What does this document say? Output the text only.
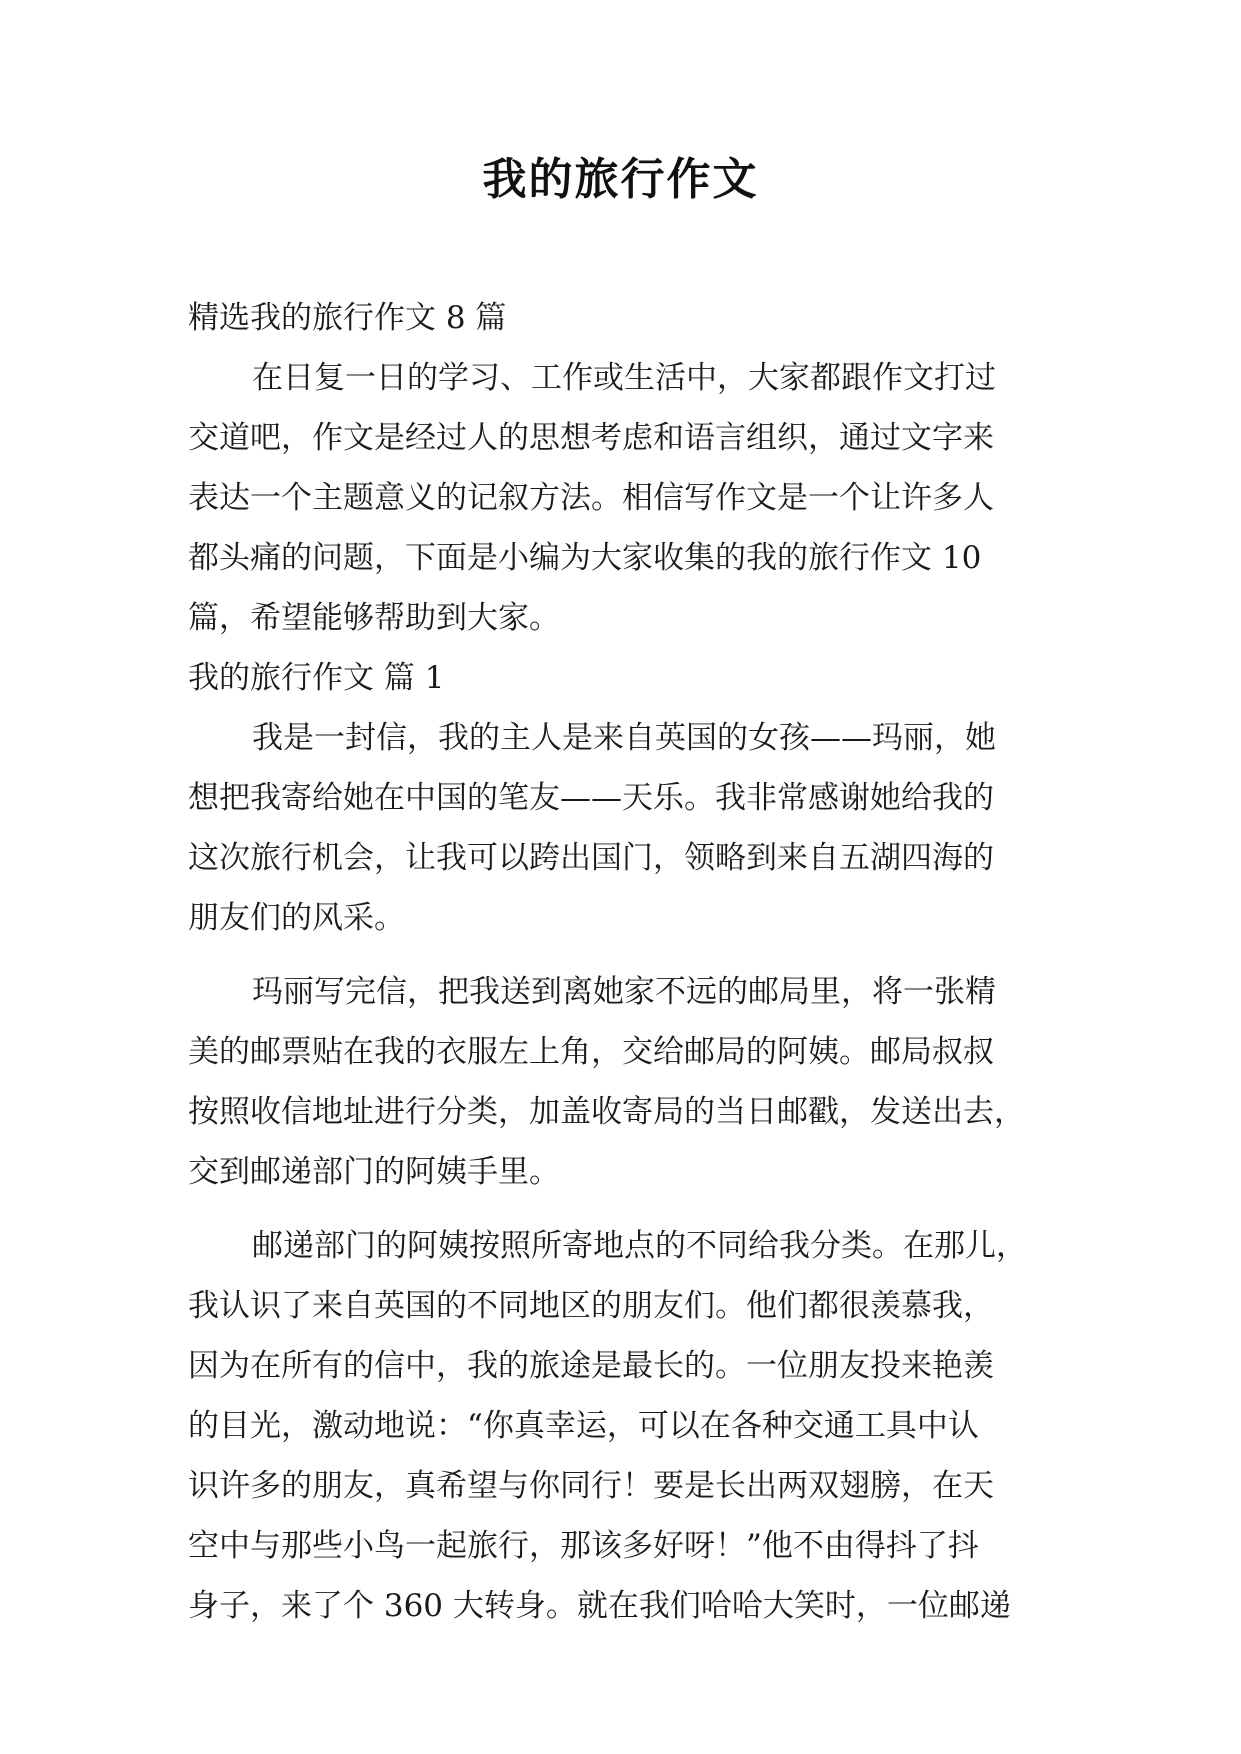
我的旅行作文
精选我的旅行作文 8 篇
在日复一日的学习、工作或生活中，大家都跟作文打过
交道吧，作文是经过人的思想考虑和语言组织，通过文字来
表达一个主题意义的记叙方法。相信写作文是一个让许多人
都头痛的问题，下面是小编为大家收集的我的旅行作文 10
篇，希望能够帮助到大家。
我的旅行作文 篇 1
我是一封信，我的主人是来自英国的女孩——玛丽，她
想把我寄给她在中国的笔友——天乐。我非常感谢她给我的
这次旅行机会，让我可以跨出国门，领略到来自五湖四海的
朋友们的风采。
玛丽写完信，把我送到离她家不远的邮局里，将一张精
美的邮票贴在我的衣服左上角，交给邮局的阿姨。邮局叔叔
按照收信地址进行分类，加盖收寄局的当日邮戳，发送出去，
交到邮递部门的阿姨手里。
邮递部门的阿姨按照所寄地点的不同给我分类。在那儿，
我认识了来自英国的不同地区的朋友们。他们都很羡慕我，
因为在所有的信中，我的旅途是最长的。一位朋友投来艳羡
的目光，激动地说：“你真幸运，可以在各种交通工具中认
识许多的朋友，真希望与你同行！要是长出两双翅膀，在天
空中与那些小鸟一起旅行，那该多好呀！”他不由得抖了抖
身子，来了个 360 大转身。就在我们哈哈大笑时，一位邮递
